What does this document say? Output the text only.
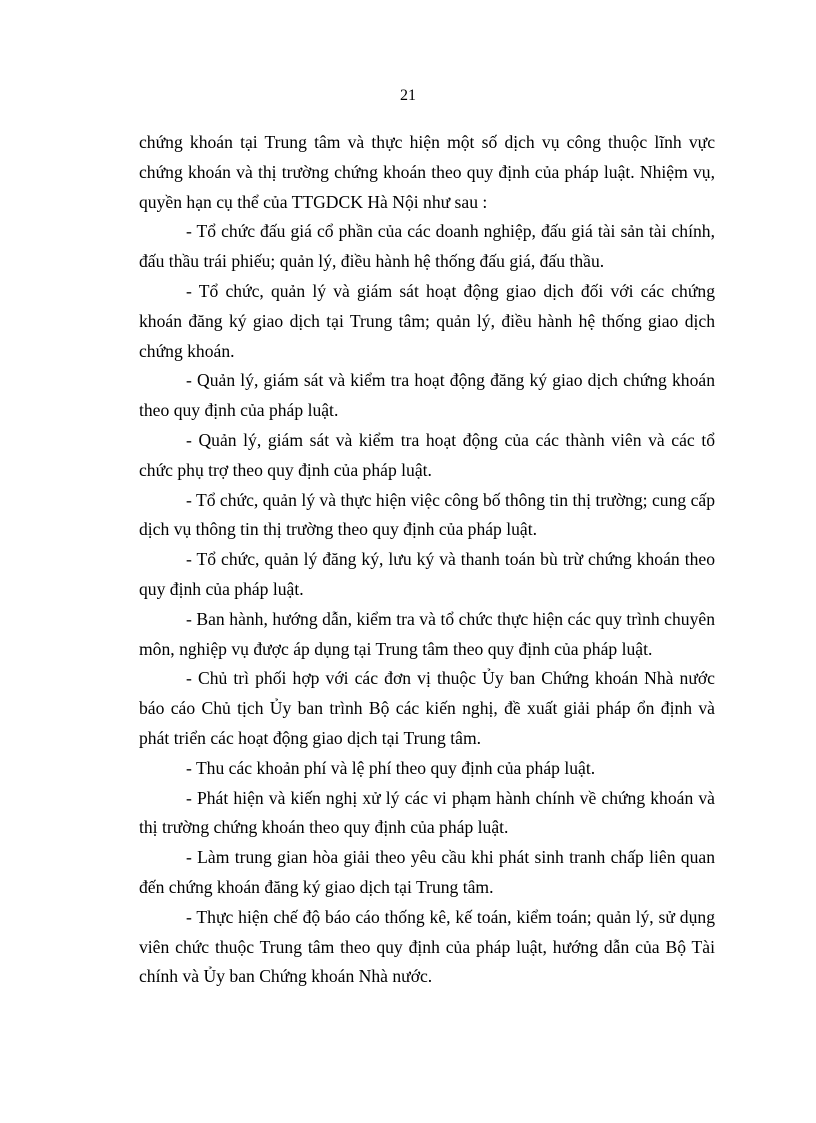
21

chứng khoán tại Trung tâm và thực hiện một số dịch vụ công thuộc lĩnh vực chứng khoán và thị trường chứng khoán theo quy định của pháp luật. Nhiệm vụ, quyền hạn cụ thể của TTGDCK Hà Nội như sau :

- Tổ chức đấu giá cổ phần của các doanh nghiệp, đấu giá tài sản tài chính, đấu thầu trái phiếu; quản lý, điều hành hệ thống đấu giá, đấu thầu.

- Tổ chức, quản lý và giám sát hoạt động giao dịch đối với các chứng khoán đăng ký giao dịch tại Trung tâm; quản lý, điều hành hệ thống giao dịch chứng khoán.

- Quản lý, giám sát và kiểm tra hoạt động đăng ký giao dịch chứng khoán theo quy định của pháp luật.

- Quản lý, giám sát và kiểm tra hoạt động của các thành viên và các tổ chức phụ trợ theo quy định của pháp luật.

- Tổ chức, quản lý và thực hiện việc công bố thông tin thị trường; cung cấp dịch vụ thông tin thị trường theo quy định của pháp luật.

- Tổ chức, quản lý đăng ký, lưu ký và thanh toán bù trừ chứng khoán theo quy định của pháp luật.

- Ban hành, hướng dẫn, kiểm tra và tổ chức thực hiện các quy trình chuyên môn, nghiệp vụ được áp dụng tại Trung tâm theo quy định của pháp luật.

- Chủ trì phối hợp với các đơn vị thuộc Ủy ban Chứng khoán Nhà nước báo cáo Chủ tịch Ủy ban trình Bộ các kiến nghị, đề xuất giải pháp ổn định và phát triển các hoạt động giao dịch tại Trung tâm.

- Thu các khoản phí và lệ phí theo quy định của pháp luật.

- Phát hiện và kiến nghị xử lý các vi phạm hành chính về chứng khoán và thị trường chứng khoán theo quy định của pháp luật.

- Làm trung gian hòa giải theo yêu cầu khi phát sinh tranh chấp liên quan đến chứng khoán đăng ký giao dịch tại Trung tâm.

- Thực hiện chế độ báo cáo thống kê, kế toán, kiểm toán; quản lý, sử dụng viên chức thuộc Trung tâm theo quy định của pháp luật, hướng dẫn của Bộ Tài chính và Ủy ban Chứng khoán Nhà nước.
